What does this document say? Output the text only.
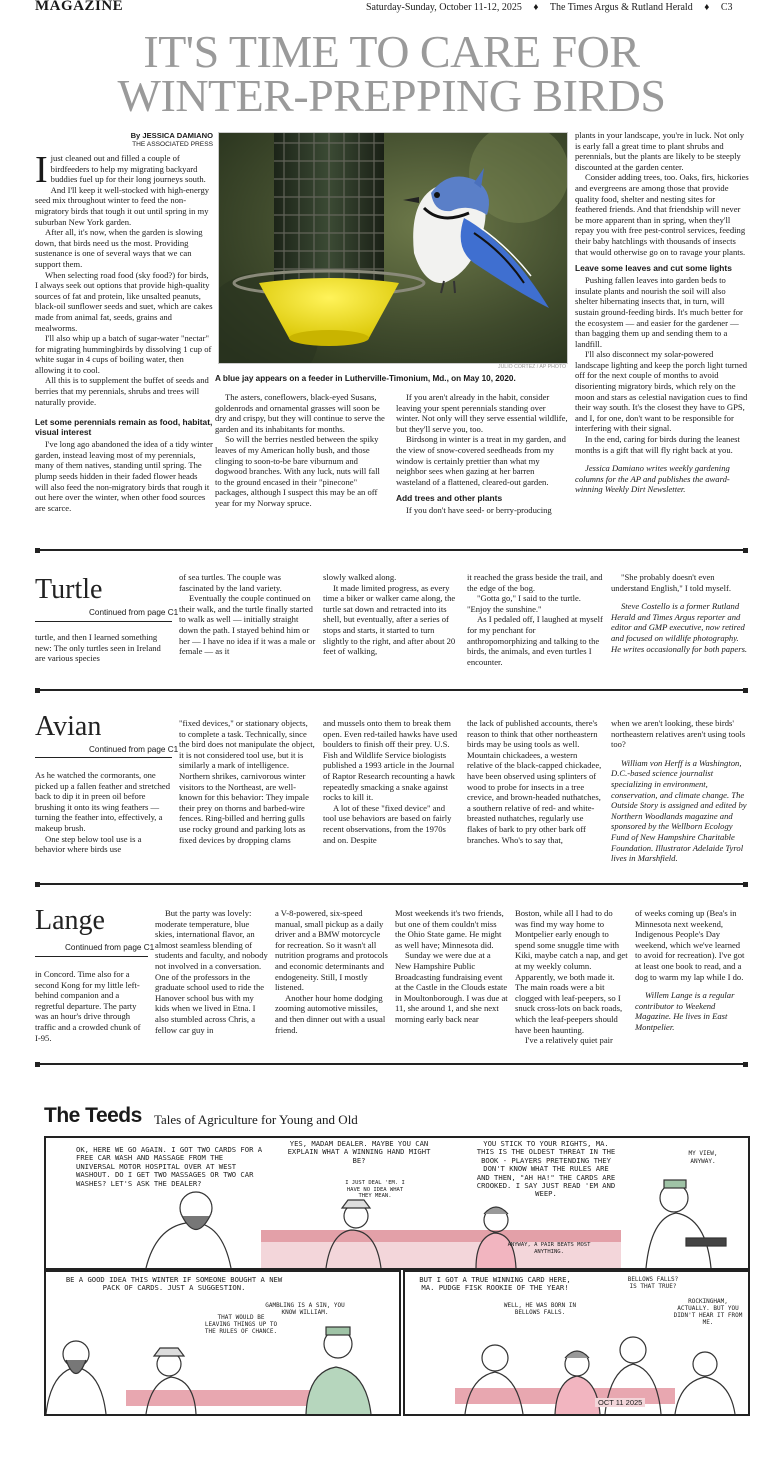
MAGAZINE	Saturday-Sunday, October 11-12, 2025 ♦ The Times Argus & Rutland Herald ♦ C3
IT'S TIME TO CARE FOR
WINTER-PREPPING BIRDS
By JESSICA DAMIANO
THE ASSOCIATED PRESS

Ijust cleaned out and filled a couple of birdfeeders to help my migrating backyard buddies fuel up for their long journeys south. And I'll keep it well-stocked with high-energy seed mix throughout winter to feed the non-migratory birds that tough it out until spring in my suburban New York garden.

After all, it's now, when the garden is slowing down, that birds need us the most. Providing sustenance is one of several ways that we can support them.

When selecting road food (sky food?) for birds, I always seek out options that provide high-quality sources of fat and protein, like unsalted peanuts, black-oil sunflower seeds and suet, which are cakes made from animal fat, seeds, grains and mealworms.

I'll also whip up a batch of sugar-water "nectar" for migrating hummingbirds by dissolving 1 cup of white sugar in 4 cups of boiling water, then allowing it to cool.

All this is to supplement the buffet of seeds and berries that my perennials, shrubs and trees will naturally provide.

Let some perennials remain as food, habitat, visual interest

I've long ago abandoned the idea of a tidy winter garden, instead leaving most of my perennials, many of them natives, standing until spring. The plump seeds hidden in their faded flower heads will also feed the non-migratory birds that rough it out here over the winter, when other food sources are scarce.

JULIO CORTEZ / AP PHOTO
A blue jay appears on a feeder in Lutherville-Timonium, Md., on May 10, 2020.

The asters, coneflowers, black-eyed Susans, goldenrods and ornamental grasses will soon be dry and crispy, but they will continue to serve the garden and its inhabitants for months.

So will the berries nestled between the spiky leaves of my American holly bush, and those clinging to soon-to-be bare viburnum and dogwood branches. With any luck, nuts will fall to the ground encased in their "pinecone" packages, although I suspect this may be an off year for my Norway spruce.

If you aren't already in the habit, consider leaving your spent perennials standing over winter. Not only will they serve essential wildlife, but they'll serve you, too.

Birdsong in winter is a treat in my garden, and the view of snow-covered seedheads from my window is certainly prettier than what my neighbor sees when gazing at her barren wasteland of a flattened, cleared-out garden.

Add trees and other plants

If you don't have seed- or berry-producing

plants in your landscape, you're in luck. Not only is early fall a great time to plant shrubs and perennials, but the plants are likely to be steeply discounted at the garden center.

Consider adding trees, too. Oaks, firs, hickories and evergreens are among those that provide quality food, shelter and nesting sites for feathered friends. And that friendship will never be more apparent than in spring, when they'll repay you with free pest-control services, feeding their baby hatchlings with thousands of insects that would otherwise go on to ravage your plants.

Leave some leaves and cut some lights

Pushing fallen leaves into garden beds to insulate plants and nourish the soil will also shelter hibernating insects that, in turn, will sustain ground-feeding birds. It's much better for the ecosystem — and easier for the gardener — than bagging them up and sending them to a landfill.

I'll also disconnect my solar-powered landscape lighting and keep the porch light turned off for the next couple of months to avoid disorienting migratory birds, which rely on the moon and stars as celestial navigation cues to find their way south. It's the closest they have to GPS, and I, for one, don't want to be responsible for interfering with their signal.

In the end, caring for birds during the leanest months is a gift that will fly right back at you.

Jessica Damiano writes weekly gardening columns for the AP and publishes the award-winning Weekly Dirt Newsletter.

Turtle
Continued from page C1

turtle, and then I learned something new: The only turtles seen in Ireland are various species

of sea turtles. The couple was fascinated by the land variety.

Eventually the couple continued on their walk, and the turtle finally started to walk as well — initially straight down the path. I stayed behind him or her — I have no idea if it was a male or female — as it

slowly walked along.

It made limited progress, as every time a biker or walker came along, the turtle sat down and retracted into its shell, but eventually, after a series of stops and starts, it started to turn slightly to the right, and after about 20 feet of walking,

it reached the grass beside the trail, and the edge of the bog.

"Gotta go," I said to the turtle. "Enjoy the sunshine."

As I pedaled off, I laughed at myself for my penchant for anthropomorphizing and talking to the birds, the animals, and even turtles I encounter.

"She probably doesn't even understand English," I told myself.

Steve Costello is a former Rutland Herald and Times Argus reporter and editor and GMP executive, now retired and focused on wildlife photography. He writes occasionally for both papers.

Avian
Continued from page C1

As he watched the cormorants, one picked up a fallen feather and stretched back to dip it in preen oil before brushing it onto its wing feathers — turning the feather into, effectively, a makeup brush.

One step below tool use is a behavior where birds use

"fixed devices," or stationary objects, to complete a task. Technically, since the bird does not manipulate the object, it is not considered tool use, but it is similarly a mark of intelligence. Northern shrikes, carnivorous winter visitors to the Northeast, are well-known for this behavior: They impale their prey on thorns and barbed-wire fences. Ring-billed and herring gulls use rocky ground and parking lots as fixed devices by dropping clams

and mussels onto them to break them open. Even red-tailed hawks have used boulders to finish off their prey. U.S. Fish and Wildlife Service biologists published a 1993 article in the Journal of Raptor Research recounting a hawk repeatedly smacking a snake against rocks to kill it.

A lot of these "fixed device" and tool use behaviors are based on fairly recent observations, from the 1970s and on. Despite

the lack of published accounts, there's reason to think that other northeastern birds may be using tools as well. Mountain chickadees, a western relative of the black-capped chickadee, have been observed using splinters of wood to probe for insects in a tree crevice, and brown-headed nuthatches, a southern relative of red- and white-breasted nuthatches, regularly use flakes of bark to pry other bark off branches. Who's to say that,

when we aren't looking, these birds' northeastern relatives aren't using tools too?

William von Herff is a Washington, D.C.-based science journalist specializing in environment, conservation, and climate change. The Outside Story is assigned and edited by Northern Woodlands magazine and sponsored by the Wellborn Ecology Fund of New Hampshire Charitable Foundation. Illustrator Adelaide Tyrol lives in Marshfield.

Lange
Continued from page C1

in Concord. Time also for a second Kong for my little left-behind companion and a regretful departure. The party was an hour's drive through traffic and a crowded chunk of I-95.

But the party was lovely: moderate temperature, blue skies, international flavor, an almost seamless blending of students and faculty, and nobody not involved in a conversation. One of the professors in the graduate school used to ride the Hanover school bus with my kids when we lived in Etna. I also stumbled across Chris, a fellow car guy in

a V-8-powered, six-speed manual, small pickup as a daily driver and a BMW motorcycle for recreation. So it wasn't all nutrition programs and protocols and economic determinants and endogeneity. Still, I mostly listened.

Another hour home dodging zooming automotive missiles, and then dinner out with a usual friend.

Most weekends it's two friends, but one of them couldn't miss the Ohio State game. He might as well have; Minnesota did.

Sunday we were due at a New Hampshire Public Broadcasting fundraising event at the Castle in the Clouds estate in Moultonborough. I was due at 11, she around 1, and she next morning early back near

Boston, while all I had to do was find my way home to Montpelier early enough to spend some snuggle time with Kiki, maybe catch a nap, and get at my weekly column. Apparently, we both made it. The main roads were a bit clogged with leaf-peepers, so I snuck cross-lots on back roads, which the leaf-peepers should have been haunting.

I've a relatively quiet pair

of weeks coming up (Bea's in Minnesota next weekend, Indigenous People's Day weekend, which we've learned to avoid for recreation). I've got at least one book to read, and a dog to warm my lap while I do.

Willem Lange is a regular contributor to Weekend Magazine. He lives in East Montpelier.

The Teeds Tales of Agriculture for Young and Old
OK, HERE WE GO AGAIN. I GOT TWO CARDS FOR A FREE CAR WASH AND MASSAGE FROM THE UNIVERSAL MOTOR HOSPITAL OVER AT WEST WASHOUT. DO I GET TWO MASSAGES OR TWO CAR WASHES? LET'S ASK THE DEALER?
YES, MADAM DEALER. MAYBE YOU CAN EXPLAIN WHAT A WINNING HAND MIGHT BE?
I JUST DEAL 'EM. I HAVE NO IDEA WHAT THEY MEAN.
YOU STICK TO YOUR RIGHTS, MA. THIS IS THE OLDEST THREAT IN THE BOOK - PLAYERS PRETENDING THEY DON'T KNOW WHAT THE RULES ARE AND THEN, "AH HA!" THE CARDS ARE CROOKED. I SAY JUST READ 'EM AND WEEP.
MY VIEW, ANYWAY.
ANYWAY, A PAIR BEATS MOST ANYTHING.
BE A GOOD IDEA THIS WINTER IF SOMEONE BOUGHT A NEW PACK OF CARDS. JUST A SUGGESTION.
THAT WOULD BE LEAVING THINGS UP TO THE RULES OF CHANCE.
GAMBLING IS A SIN, YOU KNOW WILLIAM.
BUT I GOT A TRUE WINNING CARD HERE, MA. PUDGE FISK ROOKIE OF THE YEAR!
WELL, HE WAS BORN IN BELLOWS FALLS.
BELLOWS FALLS? IS THAT TRUE?
ROCKINGHAM, ACTUALLY. BUT YOU DIDN'T HEAR IT FROM ME.
OCT 11 2025
